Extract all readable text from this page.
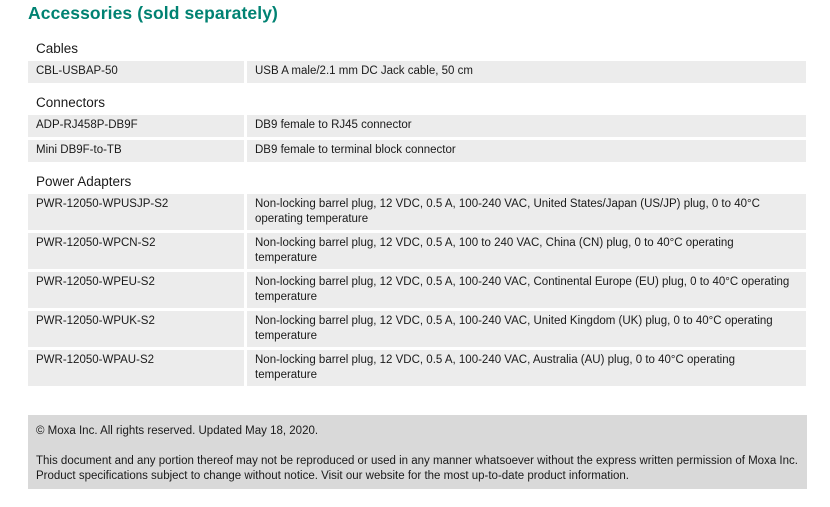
Accessories (sold separately)
Cables
CBL-USBAP-50	USB A male/2.1 mm DC Jack cable, 50 cm
Connectors
ADP-RJ458P-DB9F	DB9 female to RJ45 connector
Mini DB9F-to-TB	DB9 female to terminal block connector
Power Adapters
PWR-12050-WPUSJP-S2	Non-locking barrel plug, 12 VDC, 0.5 A, 100-240 VAC, United States/Japan (US/JP) plug, 0 to 40°C operating temperature
PWR-12050-WPCN-S2	Non-locking barrel plug, 12 VDC, 0.5 A, 100 to 240 VAC, China (CN) plug, 0 to 40°C operating temperature
PWR-12050-WPEU-S2	Non-locking barrel plug, 12 VDC, 0.5 A, 100-240 VAC, Continental Europe (EU) plug, 0 to 40°C operating temperature
PWR-12050-WPUK-S2	Non-locking barrel plug, 12 VDC, 0.5 A, 100-240 VAC, United Kingdom (UK) plug, 0 to 40°C operating temperature
PWR-12050-WPAU-S2	Non-locking barrel plug, 12 VDC, 0.5 A, 100-240 VAC, Australia (AU) plug, 0 to 40°C operating temperature

© Moxa Inc. All rights reserved. Updated May 18, 2020.

This document and any portion thereof may not be reproduced or used in any manner whatsoever without the express written permission of Moxa Inc. Product specifications subject to change without notice. Visit our website for the most up-to-date product information.
